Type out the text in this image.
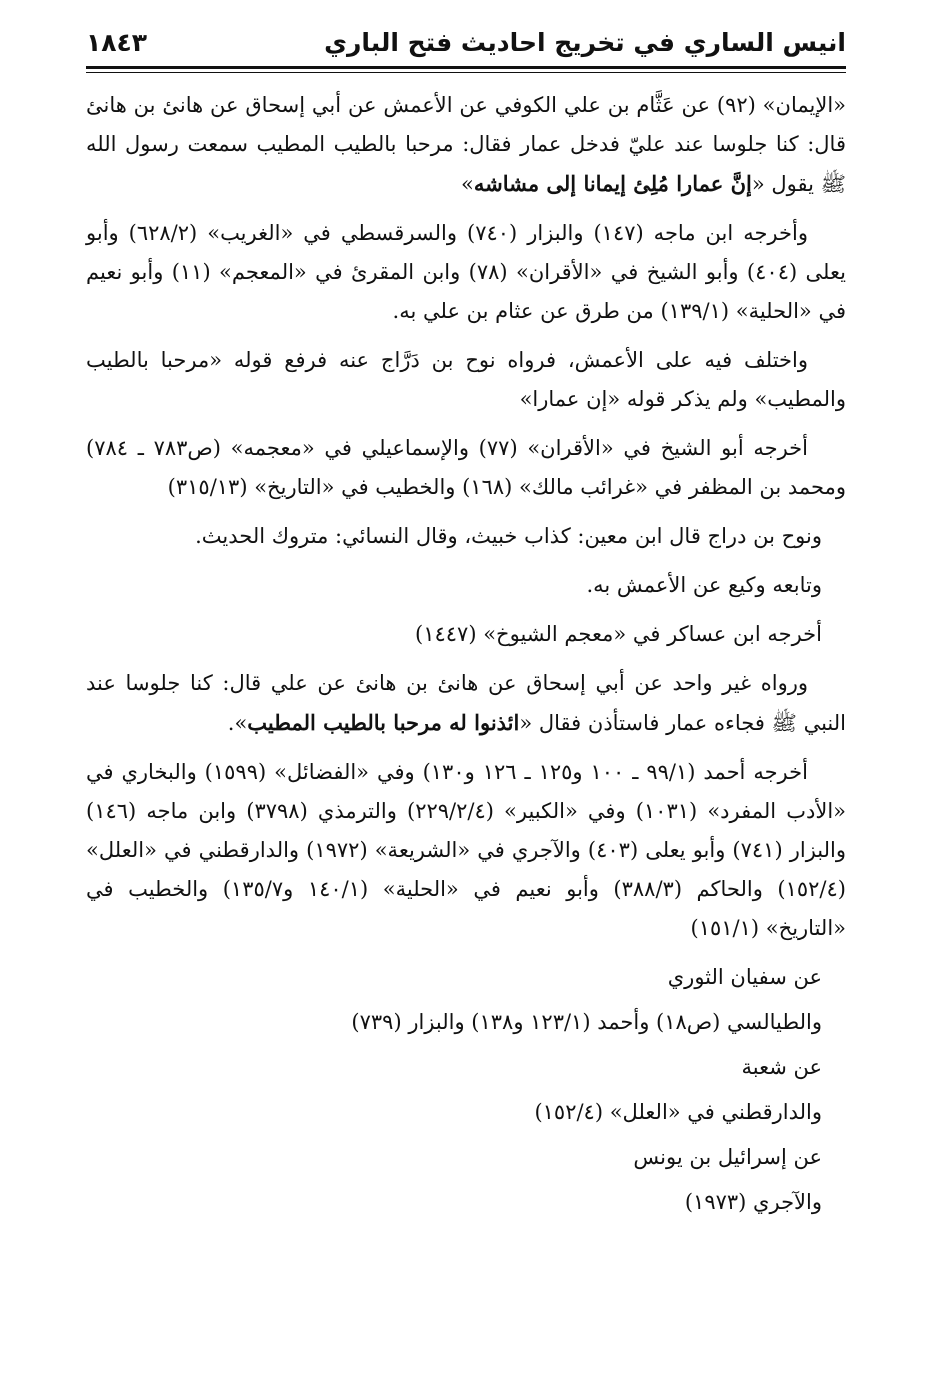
انيس الساري في تخريج احاديث فتح الباري
١٨٤٣

«الإيمان» (٩٢) عن عَثَّام بن علي الكوفي عن الأعمش عن أبي إسحاق عن هانئ بن هانئ قال: كنا جلوسا عند عليّ فدخل عمار فقال: مرحبا بالطيب المطيب سمعت رسول الله ﷺ يقول «إنَّ عمارا مُلِئ إيمانا إلى مشاشه»

وأخرجه ابن ماجه (١٤٧) والبزار (٧٤٠) والسرقسطي في «الغريب» (٦٢٨/٢) وأبو يعلى (٤٠٤) وأبو الشيخ في «الأقران» (٧٨) وابن المقرئ في «المعجم» (١١) وأبو نعيم في «الحلية» (١٣٩/١) من طرق عن عثام بن علي به.

واختلف فيه على الأعمش، فرواه نوح بن دَرَّاج عنه فرفع قوله «مرحبا بالطيب والمطيب» ولم يذكر قوله «إن عمارا»

أخرجه أبو الشيخ في «الأقران» (٧٧) والإسماعيلي في «معجمه» (ص٧٨٣ ـ ٧٨٤) ومحمد بن المظفر في «غرائب مالك» (١٦٨) والخطيب في «التاريخ» (٣١٥/١٣)

ونوح بن دراج قال ابن معين: كذاب خبيث، وقال النسائي: متروك الحديث.

وتابعه وكيع عن الأعمش به.

أخرجه ابن عساكر في «معجم الشيوخ» (١٤٤٧)

ورواه غير واحد عن أبي إسحاق عن هانئ بن هانئ عن علي قال: كنا جلوسا عند النبي ﷺ فجاءه عمار فاستأذن فقال «ائذنوا له مرحبا بالطيب المطيب».

أخرجه أحمد (٩٩/١ ـ ١٠٠ و١٢٥ ـ ١٢٦ و١٣٠) وفي «الفضائل» (١٥٩٩) والبخاري في «الأدب المفرد» (١٠٣١) وفي «الكبير» (٢٢٩/٢/٤) والترمذي (٣٧٩٨) وابن ماجه (١٤٦) والبزار (٧٤١) وأبو يعلى (٤٠٣) والآجري في «الشريعة» (١٩٧٢) والدارقطني في «العلل» (١٥٢/٤) والحاكم (٣٨٨/٣) وأبو نعيم في «الحلية» (١٤٠/١ و١٣٥/٧) والخطيب في «التاريخ» (١٥١/١)

عن سفيان الثوري

والطيالسي (ص١٨) وأحمد (١٢٣/١ و١٣٨) والبزار (٧٣٩)

عن شعبة

والدارقطني في «العلل» (١٥٢/٤)

عن إسرائيل بن يونس

والآجري (١٩٧٣)
